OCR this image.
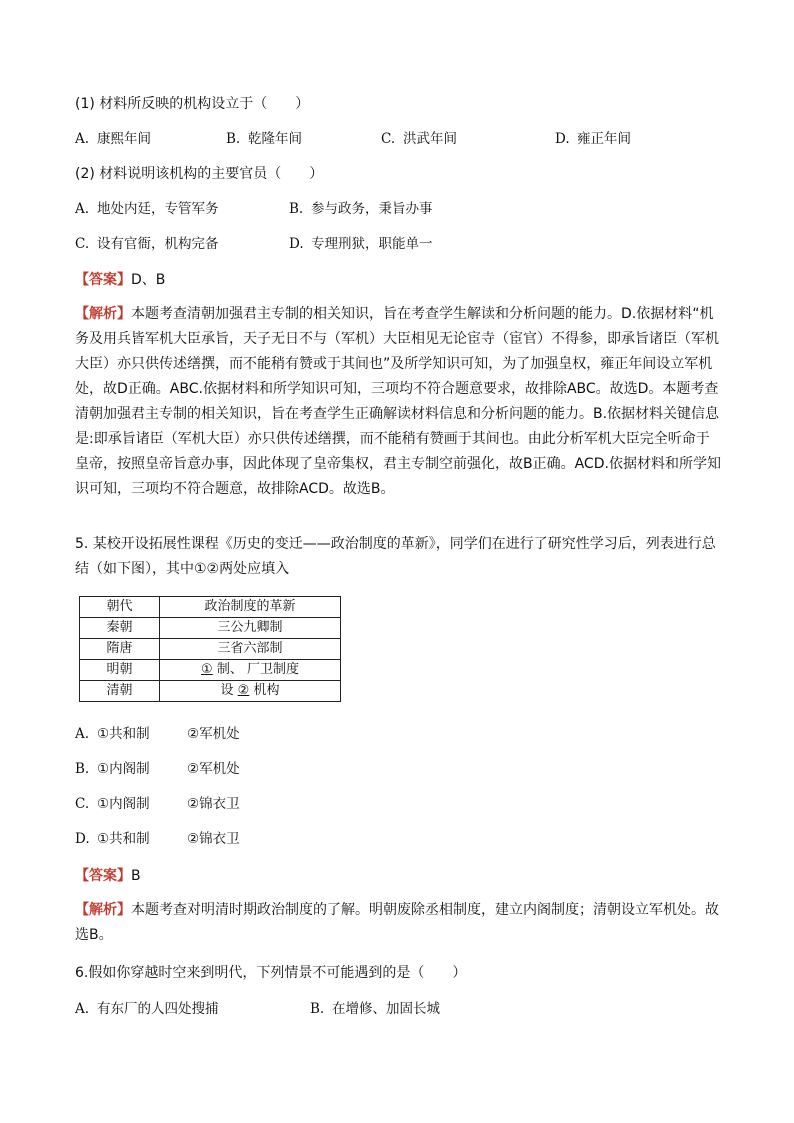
(1) 材料所反映的机构设立于（　　）
A. 康熙年间	B. 乾隆年间	C. 洪武年间	D. 雍正年间
(2) 材料说明该机构的主要官员（　　）
A. 地处内廷，专管军务	B. 参与政务，秉旨办事
C. 设有官衙，机构完备	D. 专理刑狱，职能单一
【答案】D、B
【解析】本题考查清朝加强君主专制的相关知识，旨在考查学生解读和分析问题的能力。D.依据材料“机务及用兵皆军机大臣承旨，天子无日不与（军机）大臣相见无论宦寺（宦官）不得参，即承旨诸臣（军机大臣）亦只供传述缮撰，而不能稍有赞或于其间也”及所学知识可知，为了加强皇权，雍正年间设立军机处，故D正确。ABC.依据材料和所学知识可知，三项均不符合题意要求，故排除ABC。故选D。本题考查清朝加强君主专制的相关知识，旨在考查学生正确解读材料信息和分析问题的能力。B.依据材料关键信息是:即承旨诸臣（军机大臣）亦只供传述缮撰，而不能稍有赞画于其间也。由此分析军机大臣完全听命于皇帝，按照皇帝旨意办事，因此体现了皇帝集权，君主专制空前强化，故B正确。ACD.依据材料和所学知识可知，三项均不符合题意，故排除ACD。故选B。
5. 某校开设拓展性课程《历史的变迁——政治制度的革新》，同学们在进行了研究性学习后，列表进行总结（如下图），其中①②两处应填入
朝代	政治制度的革新
秦朝	三公九卿制
隋唐	三省六部制
明朝	① 制、 厂卫制度
清朝	设 ② 机构
A. ①共和制	②军机处
B. ①内阁制	②军机处
C. ①内阁制	②锦衣卫
D. ①共和制	②锦衣卫
【答案】B
【解析】本题考查对明清时期政治制度的了解。明朝废除丞相制度，建立内阁制度；清朝设立军机处。故选B。
6.假如你穿越时空来到明代，下列情景不可能遇到的是（　　）
A. 有东厂的人四处搜捕	B. 在增修、加固长城
